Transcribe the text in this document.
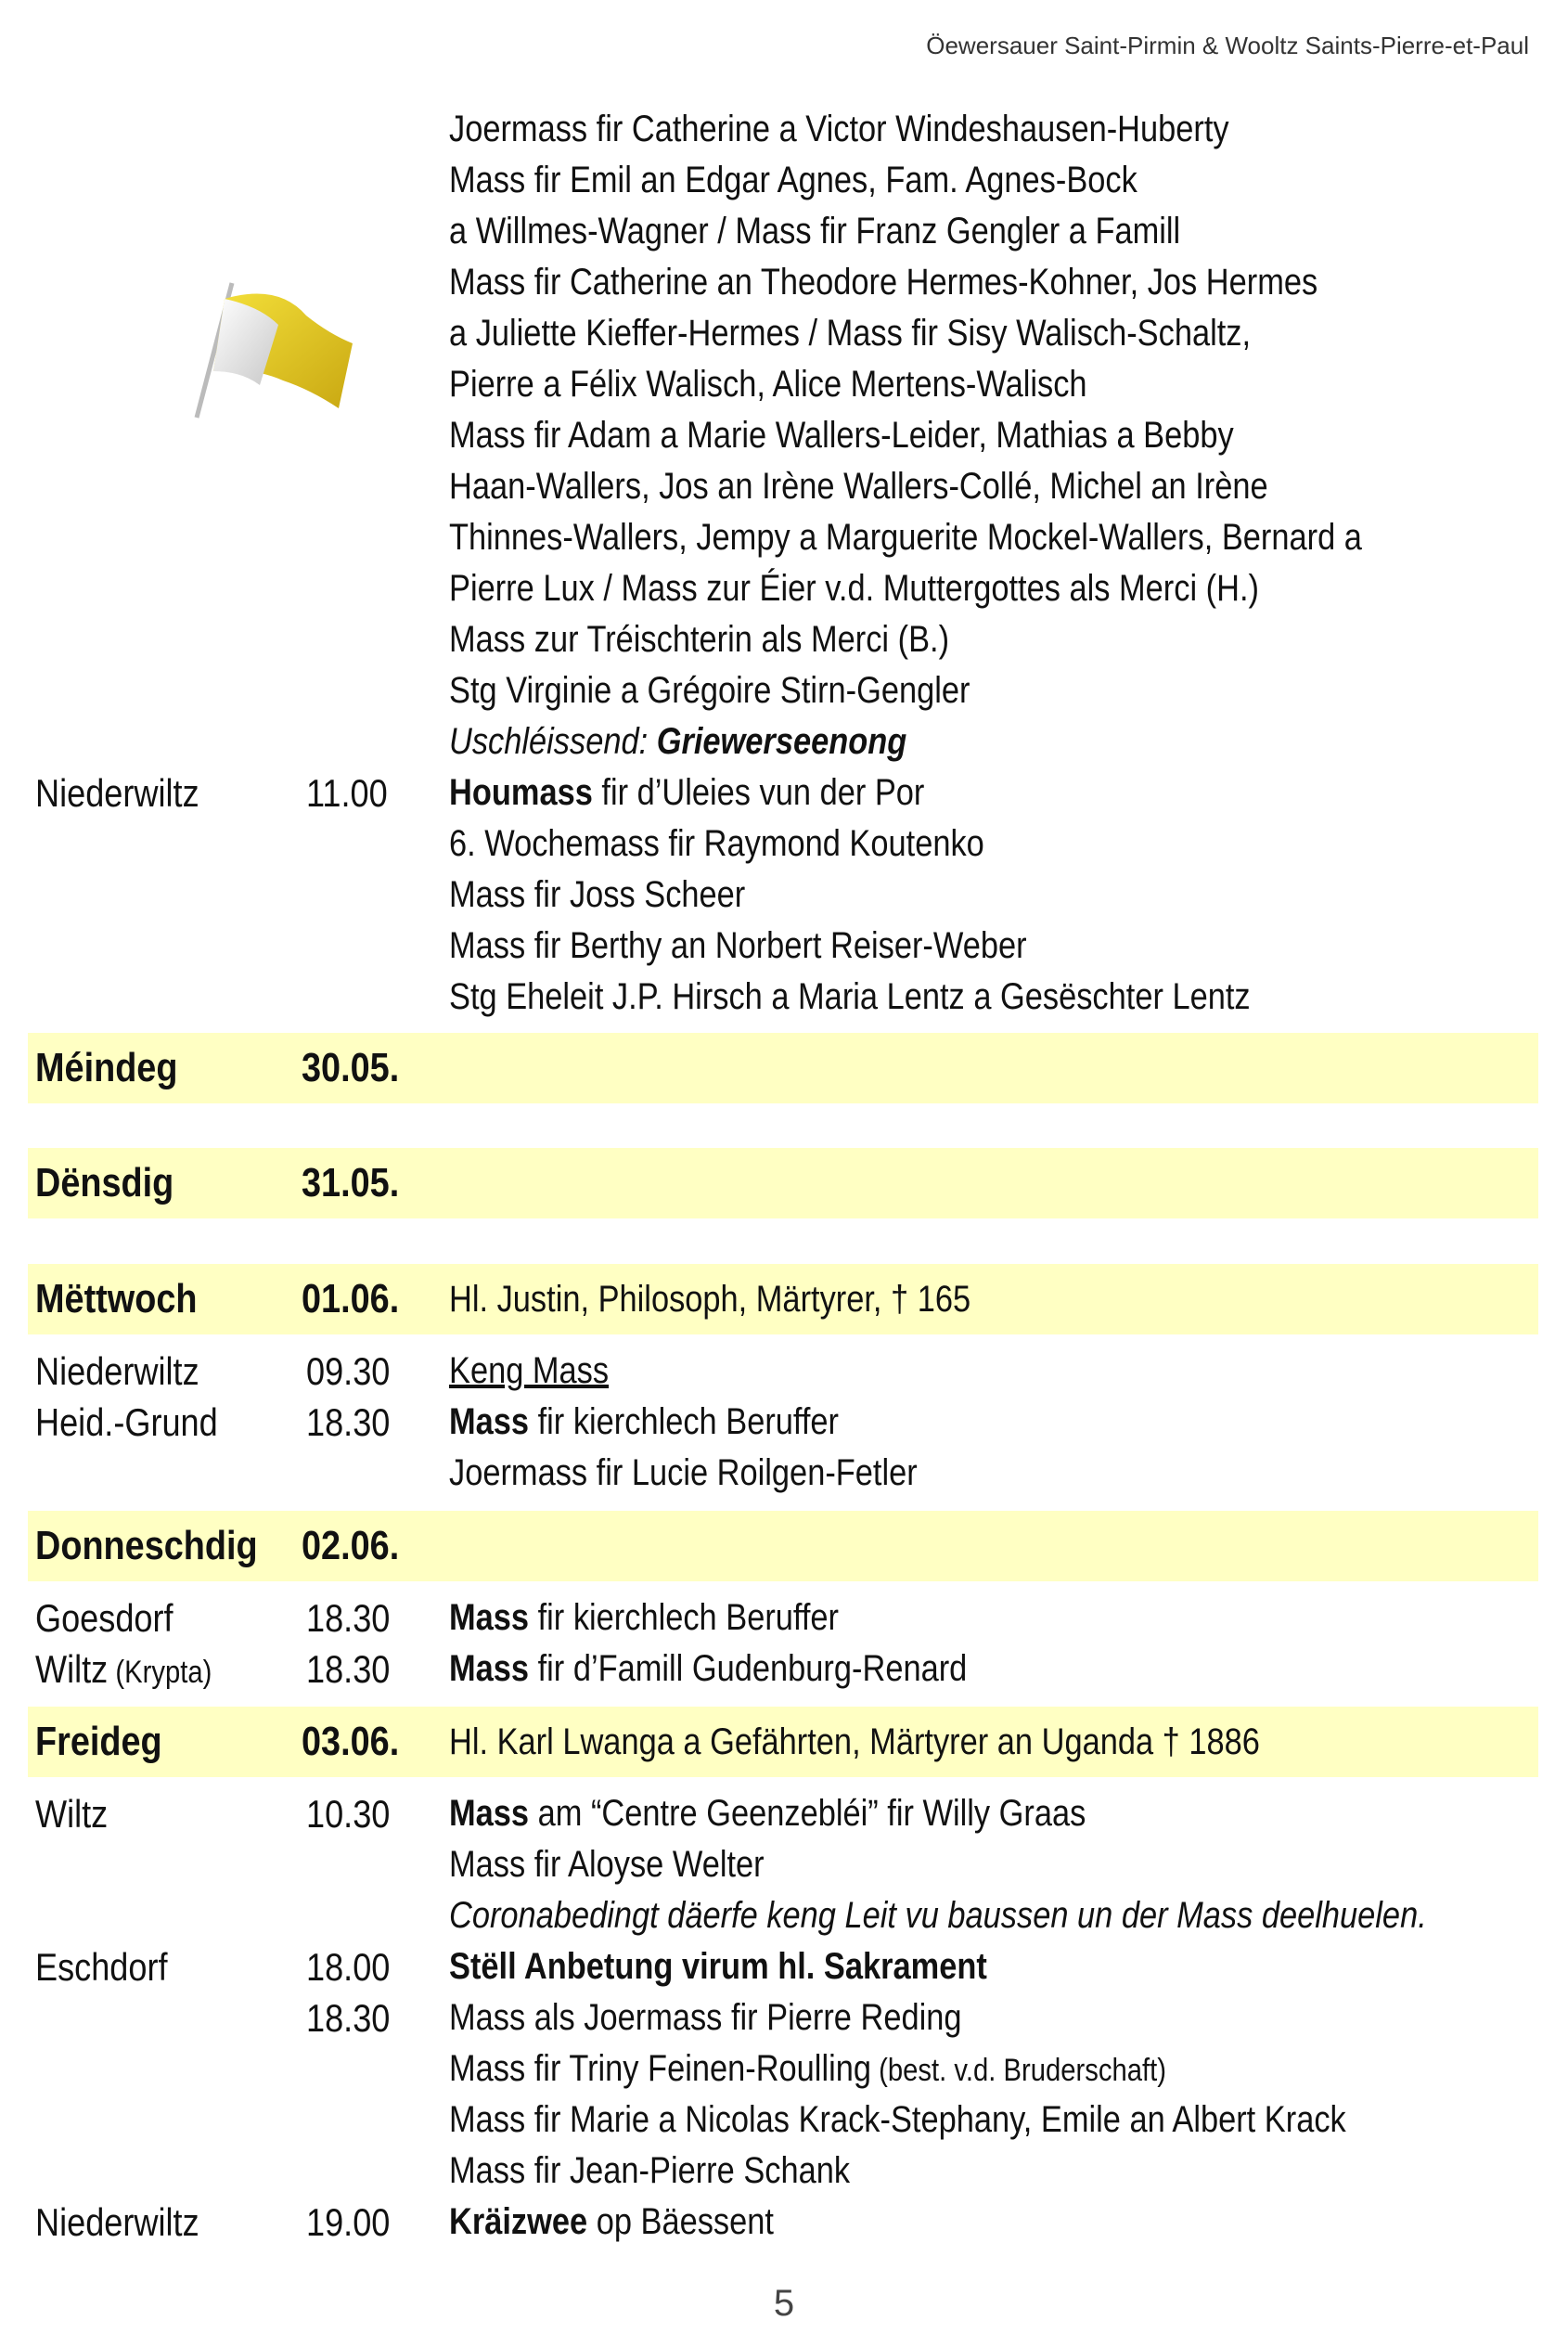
Öewersauer Saint-Pirmin & Wooltz Saints-Pierre-et-Paul
Joermass fir Catherine a Victor Windeshausen-Huberty
Mass fir Emil an Edgar Agnes, Fam. Agnes-Bock
a Willmes-Wagner / Mass fir Franz Gengler a Famill
Mass fir Catherine an Theodore Hermes-Kohner, Jos Hermes
a Juliette Kieffer-Hermes / Mass fir Sisy Walisch-Schaltz,
Pierre a Félix Walisch, Alice Mertens-Walisch
Mass fir Adam a Marie Wallers-Leider, Mathias a Bebby
Haan-Wallers, Jos an Irène Wallers-Collé, Michel an Irène
Thinnes-Wallers, Jempy a Marguerite Mockel-Wallers, Bernard a
Pierre Lux / Mass zur Éier v.d. Muttergottes als Merci (H.)
Mass zur Tréischterin als Merci (B.)
Stg Virginie a Grégoire Stirn-Gengler
Uschléissend: Griewerseenong
Niederwiltz	11.00 Houmass fir d’Uleies vun der Por
6. Wochemass fir Raymond Koutenko
Mass fir Joss Scheer
Mass fir Berthy an Norbert Reiser-Weber
Stg Eheleit J.P. Hirsch a Maria Lentz a Gesëschter Lentz
Méindeg	30.05.
Dënsdig	31.05.
Mëttwoch	01.06. Hl. Justin, Philosoph, Märtyrer, † 165
Niederwiltz	09.30 Keng Mass
Heid.-Grund 18.30 Mass fir kierchlech Beruffer
Joermass fir Lucie Roilgen-Fetler
Donneschdig 02.06.
Goesdorf	18.30 Mass fir kierchlech Beruffer
Wiltz (Krypta) 18.30 Mass fir d’Famill Gudenburg-Renard
Freideg	03.06. Hl. Karl Lwanga a Gefährten, Märtyrer an Uganda † 1886
Wiltz	10.30 Mass am “Centre Geenzebléi” fir Willy Graas
Mass fir Aloyse Welter
Coronabedingt däerfe keng Leit vu baussen un der Mass deelhuelen.
Eschdorf	18.00 Stëll Anbetung virum hl. Sakrament
18.30 Mass als Joermass fir Pierre Reding
Mass fir Triny Feinen-Roulling (best. v.d. Bruderschaft)
Mass fir Marie a Nicolas Krack-Stephany, Emile an Albert Krack
Mass fir Jean-Pierre Schank
Niederwiltz	19.00 Kräizwee op Bäessent
5
